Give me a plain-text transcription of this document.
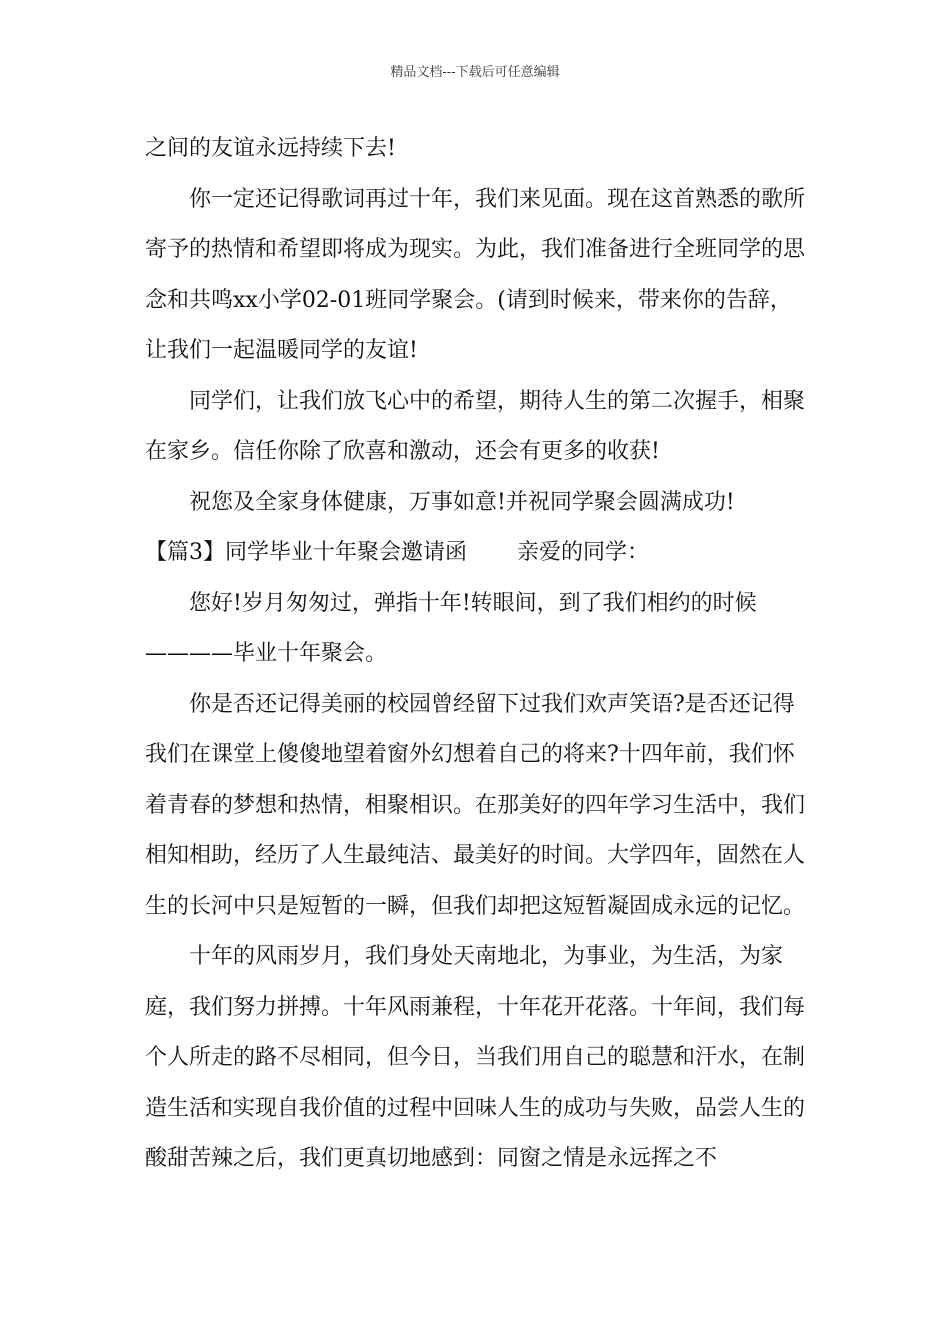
精品文档---下载后可任意编辑

之间的友谊永远持续下去!

你一定还记得歌词再过十年，我们来见面。现在这首熟悉的歌所寄予的热情和希望即将成为现实。为此，我们准备进行全班同学的思念和共鸣xx小学02-01班同学聚会。(请到时候来，带来你的告辞，让我们一起温暖同学的友谊!

同学们，让我们放飞心中的希望，期待人生的第二次握手，相聚在家乡。信任你除了欣喜和激动，还会有更多的收获!

祝您及全家身体健康，万事如意!并祝同学聚会圆满成功!

【篇3】同学毕业十年聚会邀请函 亲爱的同学：

您好!岁月匆匆过，弹指十年!转眼间，到了我们相约的时候————毕业十年聚会。

你是否还记得美丽的校园曾经留下过我们欢声笑语?是否还记得我们在课堂上傻傻地望着窗外幻想着自己的将来?十四年前，我们怀着青春的梦想和热情，相聚相识。在那美好的四年学习生活中，我们相知相助，经历了人生最纯洁、最美好的时间。大学四年，固然在人生的长河中只是短暂的一瞬，但我们却把这短暂凝固成永远的记忆。

十年的风雨岁月，我们身处天南地北，为事业，为生活，为家庭，我们努力拼搏。十年风雨兼程，十年花开花落。十年间，我们每个人所走的路不尽相同，但今日，当我们用自己的聪慧和汗水，在制造生活和实现自我价值的过程中回味人生的成功与失败，品尝人生的酸甜苦辣之后，我们更真切地感到：同窗之情是永远挥之不
